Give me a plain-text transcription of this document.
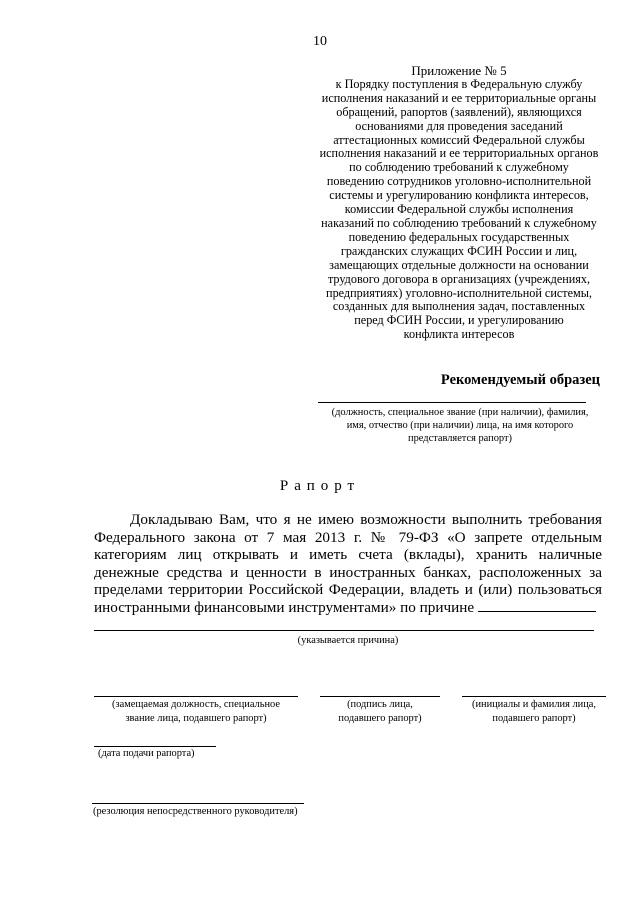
10
Приложение № 5
к Порядку поступления в Федеральную службу
исполнения наказаний и ее территориальные органы
обращений, рапортов (заявлений), являющихся
основаниями для проведения заседаний
аттестационных комиссий Федеральной службы
исполнения наказаний и ее территориальных органов
по соблюдению требований к служебному
поведению сотрудников уголовно-исполнительной
системы и урегулированию конфликта интересов,
комиссии Федеральной службы исполнения
наказаний по соблюдению требований к служебному
поведению федеральных государственных
гражданских служащих ФСИН России и лиц,
замещающих отдельные должности на основании
трудового договора в организациях (учреждениях,
предприятиях) уголовно-исполнительной системы,
созданных для выполнения задач, поставленных
перед ФСИН России, и урегулированию
конфликта интересов
Рекомендуемый образец
(должность, специальное звание (при наличии), фамилия,
имя, отчество (при наличии) лица, на имя которого
представляется рапорт)
Рапорт
Докладываю Вам, что я не имею возможности выполнить требования Федерального закона от 7 мая 2013 г. № 79-ФЗ «О запрете отдельным категориям лиц открывать и иметь счета (вклады), хранить наличные денежные средства и ценности в иностранных банках, расположенных за пределами территории Российской Федерации, владеть и (или) пользоваться иностранными финансовыми инструментами» по причине
(указывается причина)
(замещаемая должность, специальное
звание лица, подавшего рапорт)
(подпись лица,
подавшего рапорт)
(инициалы и фамилия лица,
подавшего рапорт)
(дата подачи рапорта)
(резолюция непосредственного руководителя)
